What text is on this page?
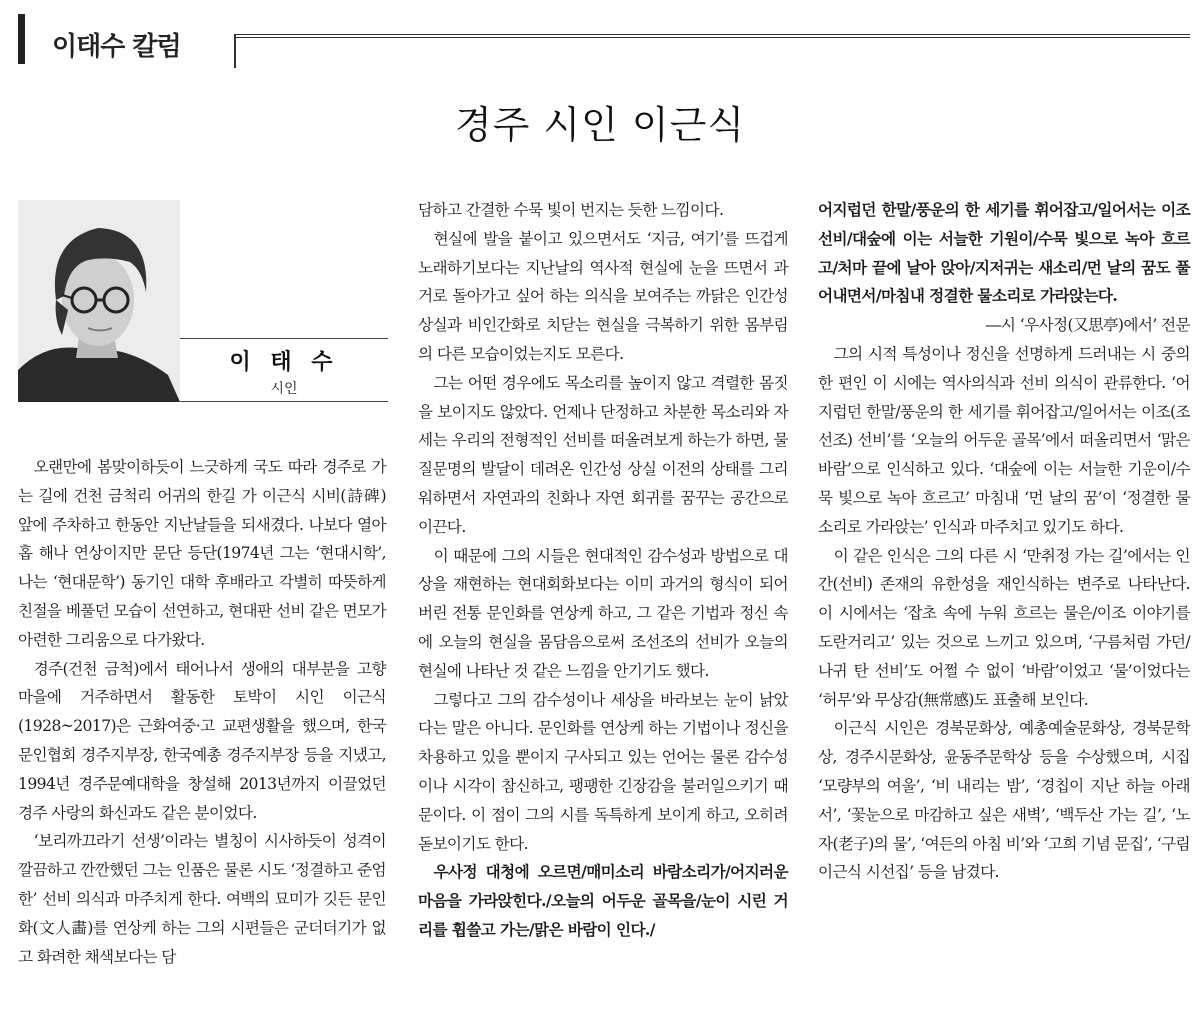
이태수 칼럼
경주 시인 이근식
이 태 수
시인

오랜만에 봄맞이하듯이 느긋하게 국도 따라 경주로 가는 길에 건천 금척리 어귀의 한길 가 이근식 시비(詩碑) 앞에 주차하고 한동안 지난날들을 되새겼다. 나보다 열아홉 해나 연상이지만 문단 등단(1974년 그는 ‘현대시학’, 나는 ‘현대문학’) 동기인 대학 후배라고 각별히 따뜻하게 친절을 베풀던 모습이 선연하고, 현대판 선비 같은 면모가 아련한 그리움으로 다가왔다.

경주(건천 금척)에서 태어나서 생애의 대부분을 고향 마을에 거주하면서 활동한 토박이 시인 이근식(1928~2017)은 근화여중·고 교편생활을 했으며, 한국문인협회 경주지부장, 한국예총 경주지부장 등을 지냈고, 1994년 경주문예대학을 창설해 2013년까지 이끌었던 경주 사랑의 화신과도 같은 분이었다.

‘보리까끄라기 선생’이라는 별칭이 시사하듯이 성격이 깔끔하고 깐깐했던 그는 인품은 물론 시도 ‘정결하고 준엄한’ 선비 의식과 마주치게 한다. 여백의 묘미가 깃든 문인화(文人畵)를 연상케 하는 그의 시편들은 군더더기가 없고 화려한 채색보다는 담

담하고 간결한 수묵 빛이 번지는 듯한 느낌이다.

현실에 발을 붙이고 있으면서도 ‘지금, 여기’를 뜨겁게 노래하기보다는 지난날의 역사적 현실에 눈을 뜨면서 과거로 돌아가고 싶어 하는 의식을 보여주는 까닭은 인간성 상실과 비인간화로 치닫는 현실을 극복하기 위한 몸부림의 다른 모습이었는지도 모른다.

그는 어떤 경우에도 목소리를 높이지 않고 격렬한 몸짓을 보이지도 않았다. 언제나 단정하고 차분한 목소리와 자세는 우리의 전형적인 선비를 떠올려보게 하는가 하면, 물질문명의 발달이 데려온 인간성 상실 이전의 상태를 그리워하면서 자연과의 친화나 자연 회귀를 꿈꾸는 공간으로 이끈다.

이 때문에 그의 시들은 현대적인 감수성과 방법으로 대상을 재현하는 현대회화보다는 이미 과거의 형식이 되어버린 전통 문인화를 연상케 하고, 그 같은 기법과 정신 속에 오늘의 현실을 몸담음으로써 조선조의 선비가 오늘의 현실에 나타난 것 같은 느낌을 안기기도 했다.

그렇다고 그의 감수성이나 세상을 바라보는 눈이 낡았다는 말은 아니다. 문인화를 연상케 하는 기법이나 정신을 차용하고 있을 뿐이지 구사되고 있는 언어는 물론 감수성이나 시각이 참신하고, 팽팽한 긴장감을 불러일으키기 때문이다. 이 점이 그의 시를 독특하게 보이게 하고, 오히려 돋보이기도 한다.

우사정 대청에 오르면/매미소리 바람소리가/어지러운 마음을 가라앉힌다./오늘의 어두운 골목을/눈이 시린 거리를 휩쓸고 가는/맑은 바람이 인다./

어지럽던 한말/풍운의 한 세기를 휘어잡고/일어서는 이조 선비/대숲에 이는 서늘한 기원이/수묵 빛으로 녹아 흐르고/처마 끝에 날아 앉아/지저귀는 새소리/먼 날의 꿈도 풀어내면서/마침내 정결한 물소리로 가라앉는다.

―시 ‘우사정(又思亭)에서’ 전문

그의 시적 특성이나 정신을 선명하게 드러내는 시 중의 한 편인 이 시에는 역사의식과 선비 의식이 관류한다. ‘어지럽던 한말/풍운의 한 세기를 휘어잡고/일어서는 이조(조선조) 선비’를 ‘오늘의 어두운 골목’에서 떠올리면서 ‘맑은 바람’으로 인식하고 있다. ‘대숲에 이는 서늘한 기운이/수묵 빛으로 녹아 흐르고’ 마침내 ‘먼 날의 꿈’이 ‘정결한 물소리로 가라앉는’ 인식과 마주치고 있기도 하다.

이 같은 인식은 그의 다른 시 ‘만취정 가는 길’에서는 인간(선비) 존재의 유한성을 재인식하는 변주로 나타난다. 이 시에서는 ‘잡초 속에 누워 흐르는 물은/이조 이야기를 도란거리고’ 있는 것으로 느끼고 있으며, ‘구름처럼 가던/나귀 탄 선비’도 어쩔 수 없이 ‘바람’이었고 ‘물’이었다는 ‘허무’와 무상감(無常感)도 표출해 보인다.

이근식 시인은 경북문화상, 예총예술문화상, 경북문학상, 경주시문화상, 윤동주문학상 등을 수상했으며, 시집 ‘모량부의 여울’, ‘비 내리는 밤’, ‘경칩이 지난 하늘 아래서’, ‘꽃눈으로 마감하고 싶은 새벽’, ‘백두산 가는 길’, ‘노자(老子)의 물’, ‘여든의 아침 비’와 ‘고희 기념 문집’, ‘구림 이근식 시선집’ 등을 남겼다.
